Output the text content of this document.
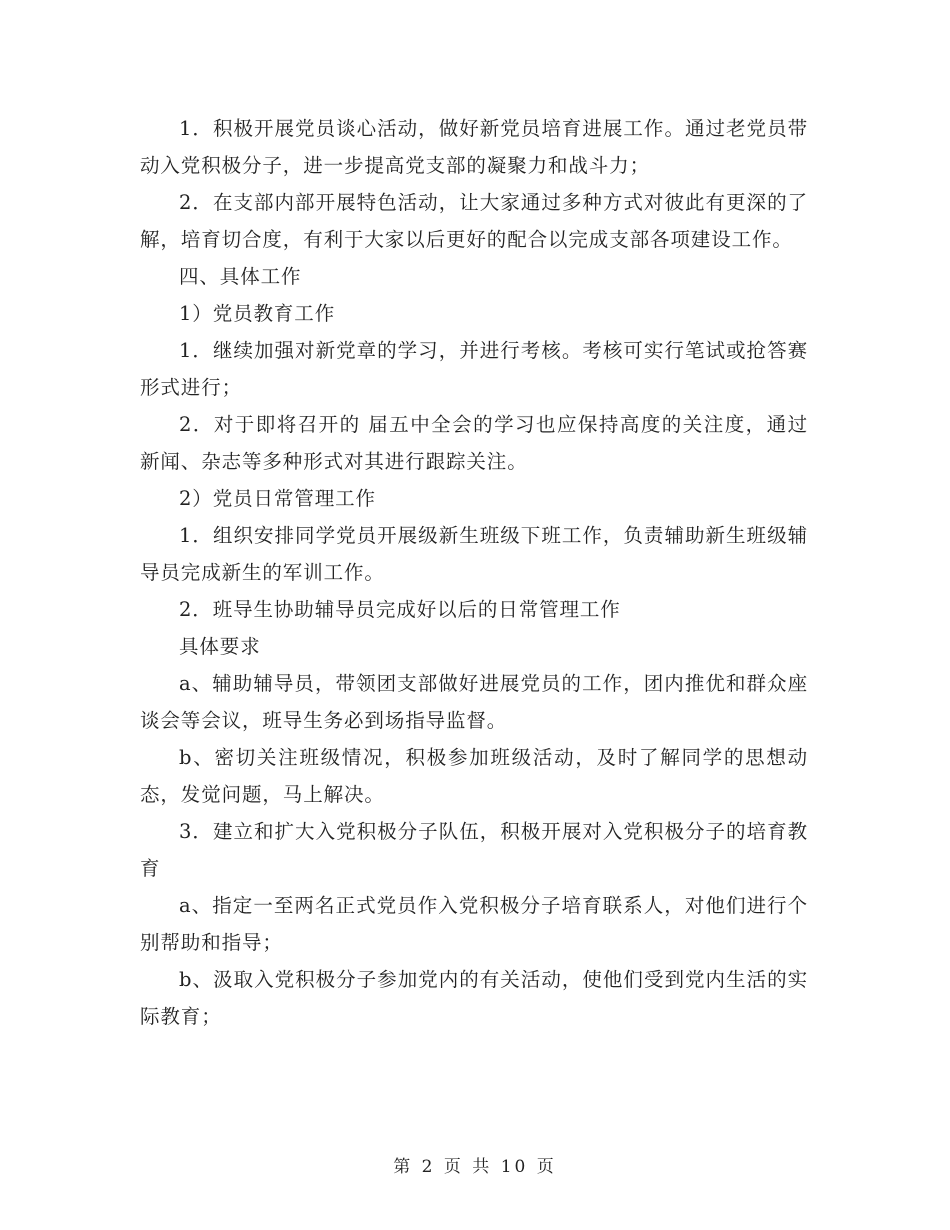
1．积极开展党员谈心活动，做好新党员培育进展工作。通过老党员带动入党积极分子，进一步提高党支部的凝聚力和战斗力；

2．在支部内部开展特色活动，让大家通过多种方式对彼此有更深的了解，培育切合度，有利于大家以后更好的配合以完成支部各项建设工作。

四、具体工作

1）党员教育工作

1．继续加强对新党章的学习，并进行考核。考核可实行笔试或抢答赛形式进行；

2．对于即将召开的 届五中全会的学习也应保持高度的关注度，通过新闻、杂志等多种形式对其进行跟踪关注。

2）党员日常管理工作

1．组织安排同学党员开展级新生班级下班工作，负责辅助新生班级辅导员完成新生的军训工作。

2．班导生协助辅导员完成好以后的日常管理工作

具体要求

a、辅助辅导员，带领团支部做好进展党员的工作，团内推优和群众座谈会等会议，班导生务必到场指导监督。

b、密切关注班级情况，积极参加班级活动，及时了解同学的思想动态，发觉问题，马上解决。

3．建立和扩大入党积极分子队伍，积极开展对入党积极分子的培育教育

a、指定一至两名正式党员作入党积极分子培育联系人，对他们进行个别帮助和指导；

b、汲取入党积极分子参加党内的有关活动，使他们受到党内生活的实际教育；

第 2 页 共 10 页
